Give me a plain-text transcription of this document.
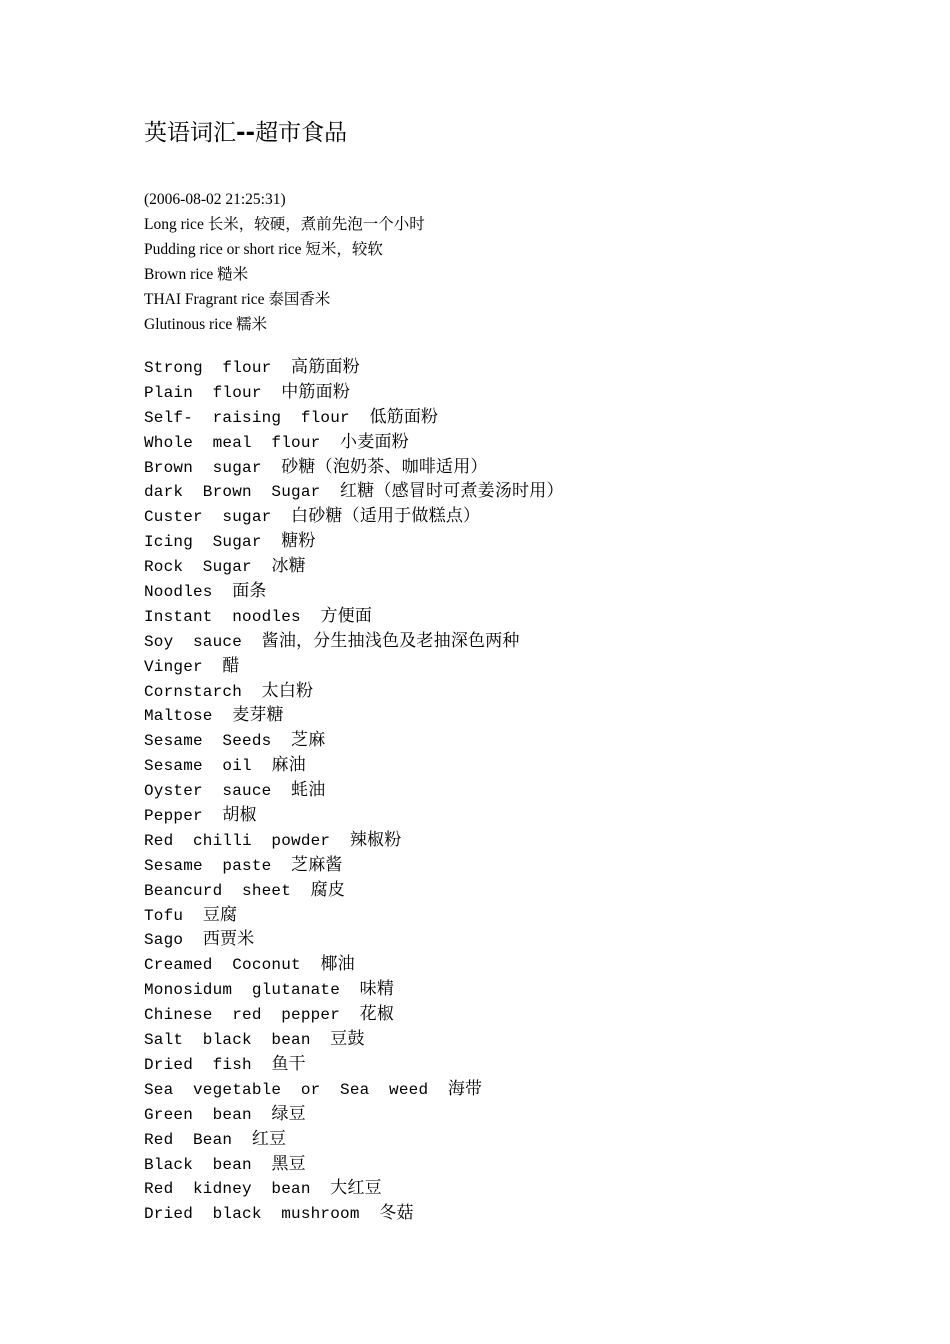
英语词汇--超市食品
(2006-08-02 21:25:31)
Long rice 长米，较硬，煮前先泡一个小时
Pudding rice or short rice 短米，较软
Brown rice 糙米
THAI Fragrant rice 泰国香米
Glutinous rice 糯米
Strong  flour 高筋面粉
Plain  flour 中筋面粉
Self-  raising  flour 低筋面粉
Whole  meal  flour 小麦面粉
Brown  sugar 砂糖（泡奶茶、咖啡适用）
dark  Brown  Sugar 红糖（感冒时可煮姜汤时用）
Custer  sugar 白砂糖（适用于做糕点）
Icing  Sugar 糖粉
Rock  Sugar 冰糖
Noodles 面条
Instant  noodles 方便面
Soy  sauce 酱油，分生抽浅色及老抽深色两种
Vinger 醋
Cornstarch 太白粉
Maltose 麦芽糖
Sesame  Seeds 芝麻
Sesame  oil 麻油
Oyster  sauce 蚝油
Pepper 胡椒
Red  chilli  powder 辣椒粉
Sesame  paste 芝麻酱
Beancurd  sheet 腐皮
Tofu 豆腐
Sago 西贾米
Creamed  Coconut 椰油
Monosidum  glutanate 味精
Chinese  red  pepper 花椒
Salt  black  bean 豆鼓
Dried  fish 鱼干
Sea  vegetable  or  Sea  weed 海带
Green  bean 绿豆
Red  Bean 红豆
Black  bean 黑豆
Red  kidney  bean 大红豆
Dried  black  mushroom 冬菇
